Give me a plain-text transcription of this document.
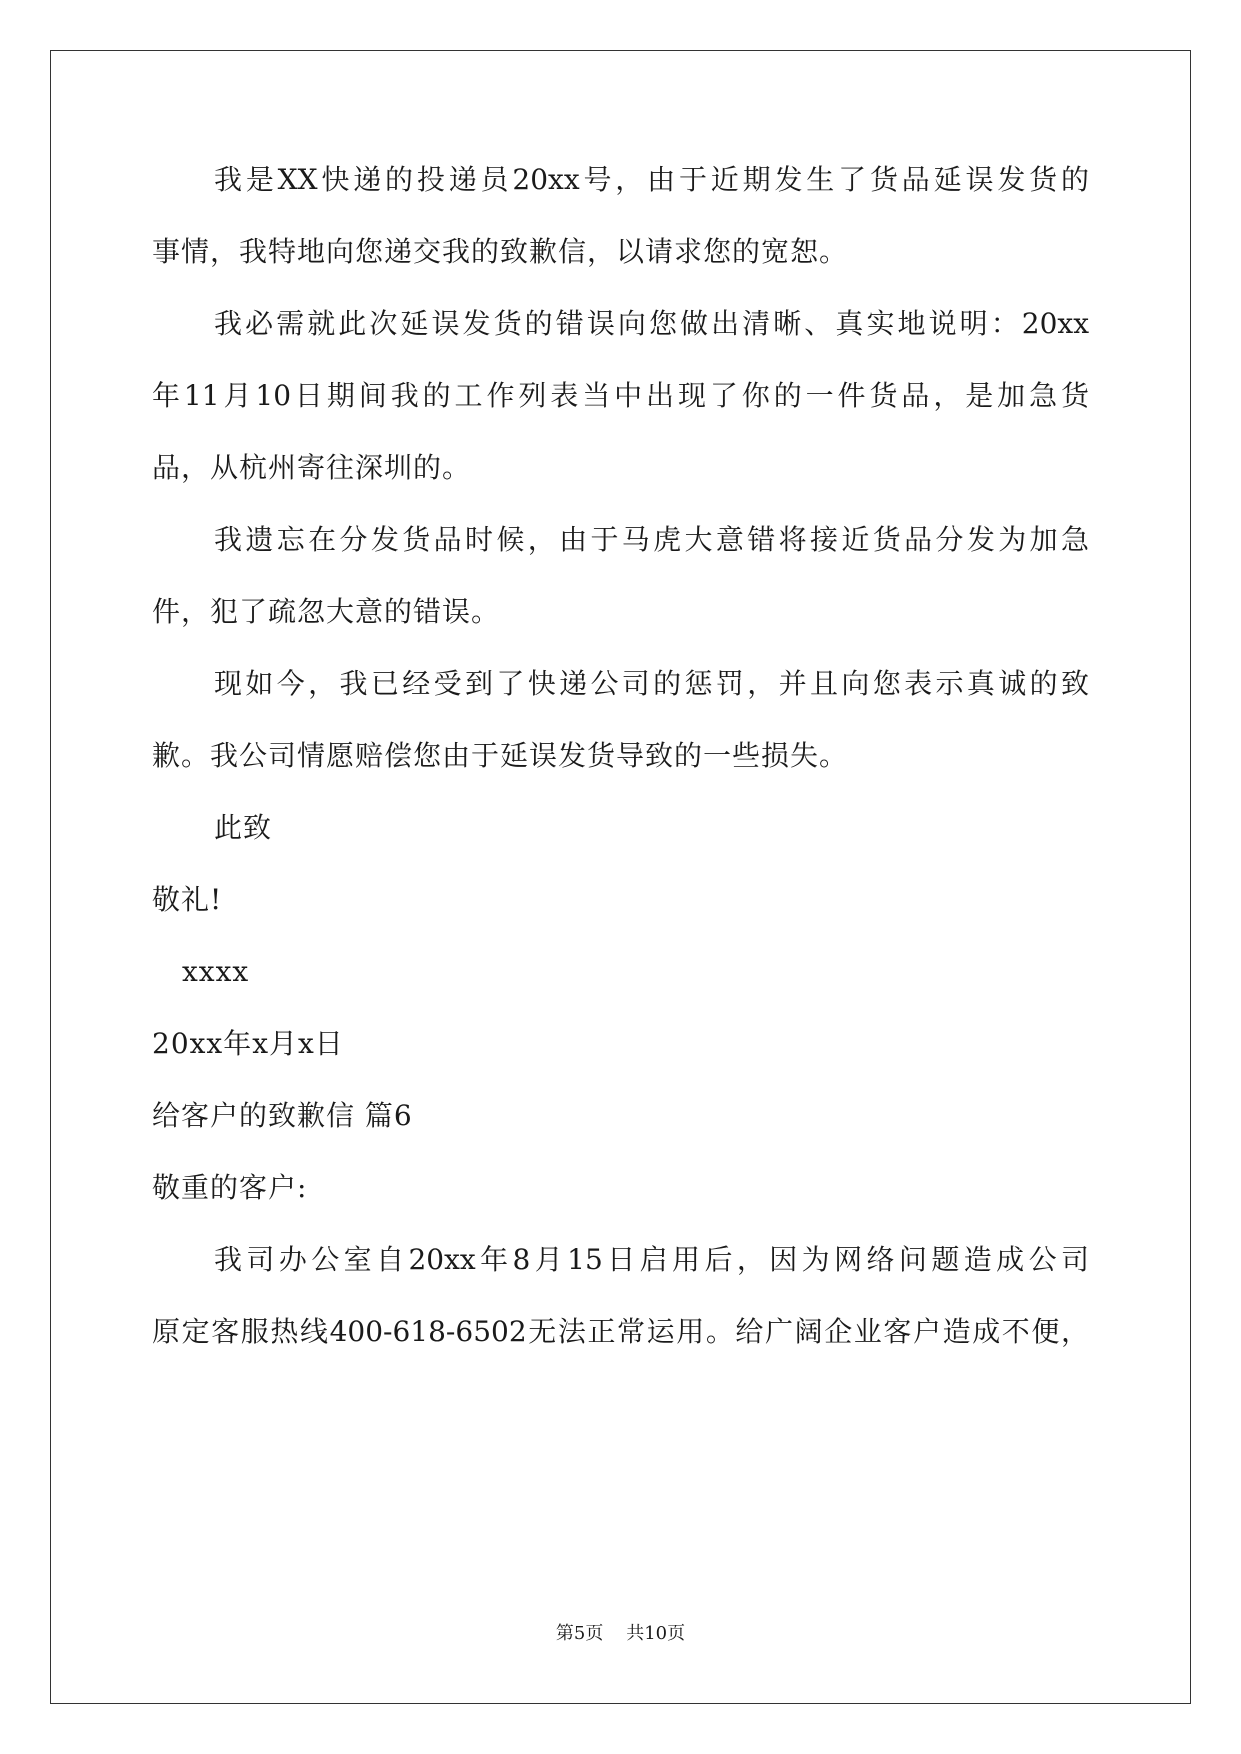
我是XX快递的投递员20xx号，由于近期发生了货品延误发货的
事情，我特地向您递交我的致歉信，以请求您的宽恕。
我必需就此次延误发货的错误向您做出清晰、真实地说明：20xx
年11月10日期间我的工作列表当中出现了你的一件货品，是加急货
品，从杭州寄往深圳的。
我遗忘在分发货品时候，由于马虎大意错将接近货品分发为加急
件，犯了疏忽大意的错误。
现如今，我已经受到了快递公司的惩罚，并且向您表示真诚的致
歉。我公司情愿赔偿您由于延误发货导致的一些损失。
此致
敬礼!
xxxx
20xx年x月x日
给客户的致歉信 篇6
敬重的客户:
我司办公室自20xx年8月15日启用后，因为网络问题造成公司
原定客服热线400-618-6502无法正常运用。给广阔企业客户造成不便，
第5页 共10页
